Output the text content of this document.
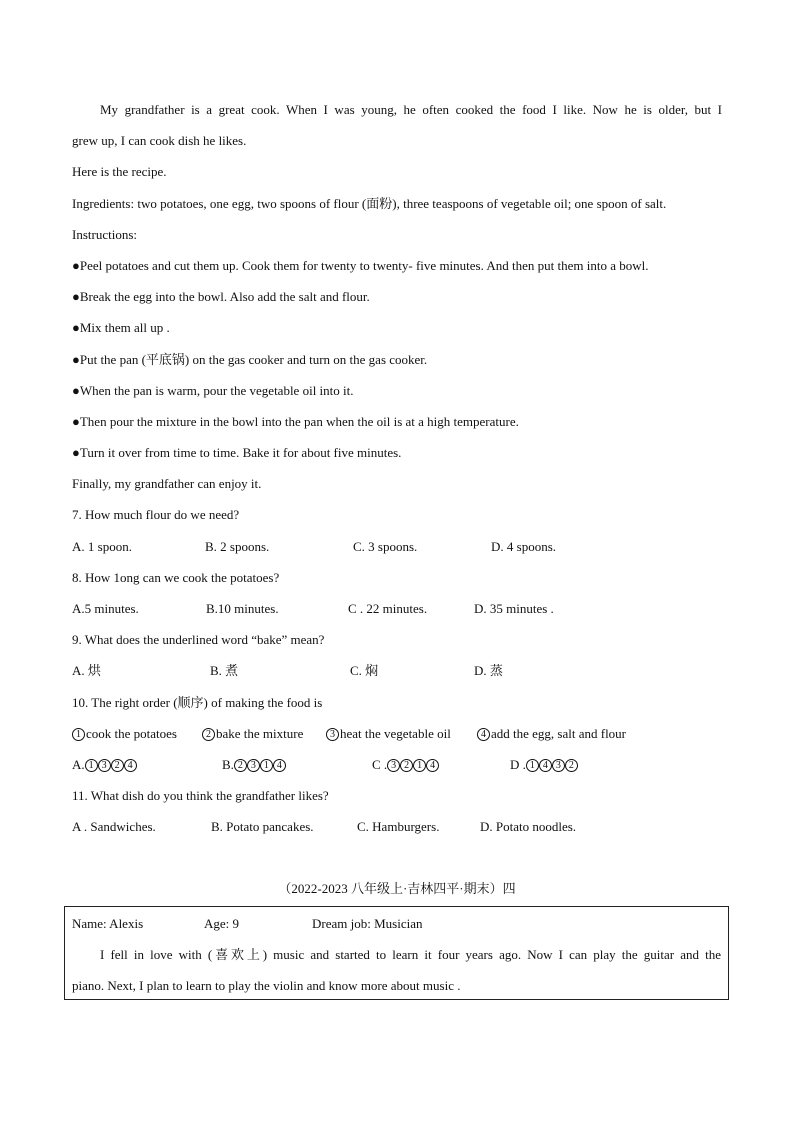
My grandfather is a great cook. When I was young, he often cooked the food I like. Now he is older, but I
grew up, I can cook dish he likes.
Here is the recipe.
Ingredients: two potatoes, one egg, two spoons of flour (面粉), three teaspoons of vegetable oil; one spoon of salt.
Instructions:
●Peel potatoes and cut them up. Cook them for twenty to twenty- five minutes. And then put them into a bowl.
●Break the egg into the bowl. Also add the salt and flour.
●Mix them all up .
●Put the pan (平底锅) on the gas cooker and turn on the gas cooker.
●When the pan is warm, pour the vegetable oil into it.
●Then pour the mixture in the bowl into the pan when the oil is at a high temperature.
●Turn it over from time to time. Bake it for about five minutes.
Finally, my grandfather can enjoy it.
7. How much flour do we need?
A. 1 spoon.	B. 2 spoons.	C. 3 spoons.	D. 4 spoons.
8. How 1ong can we cook the potatoes?
A.5 minutes.	B.10 minutes.	C . 22 minutes.	D. 35 minutes .
9. What does the underlined word “bake” mean?
A. 烘	B. 煮	C. 焖	D. 蒸
10. The right order (顺序) of making the food is
1 cook the potatoes	2 bake the mixture	3 heat the vegetable oil	4 add the egg, salt and flour
A. 1 3 2 4	B. 2 3 1 4	C . 3 2 1 4	D . 1 4 3 2
11. What dish do you think the grandfather likes?
A . Sandwiches.	B. Potato pancakes.	C. Hamburgers.	D. Potato noodles.
（2022-2023 八年级上·吉林四平·期末）四
Name: Alexis	Age: 9	Dream job: Musician
I fell in love with (喜欢上) music and started to learn it four years ago. Now I can play the guitar and the
piano. Next, I plan to learn to play the violin and know more about music .
